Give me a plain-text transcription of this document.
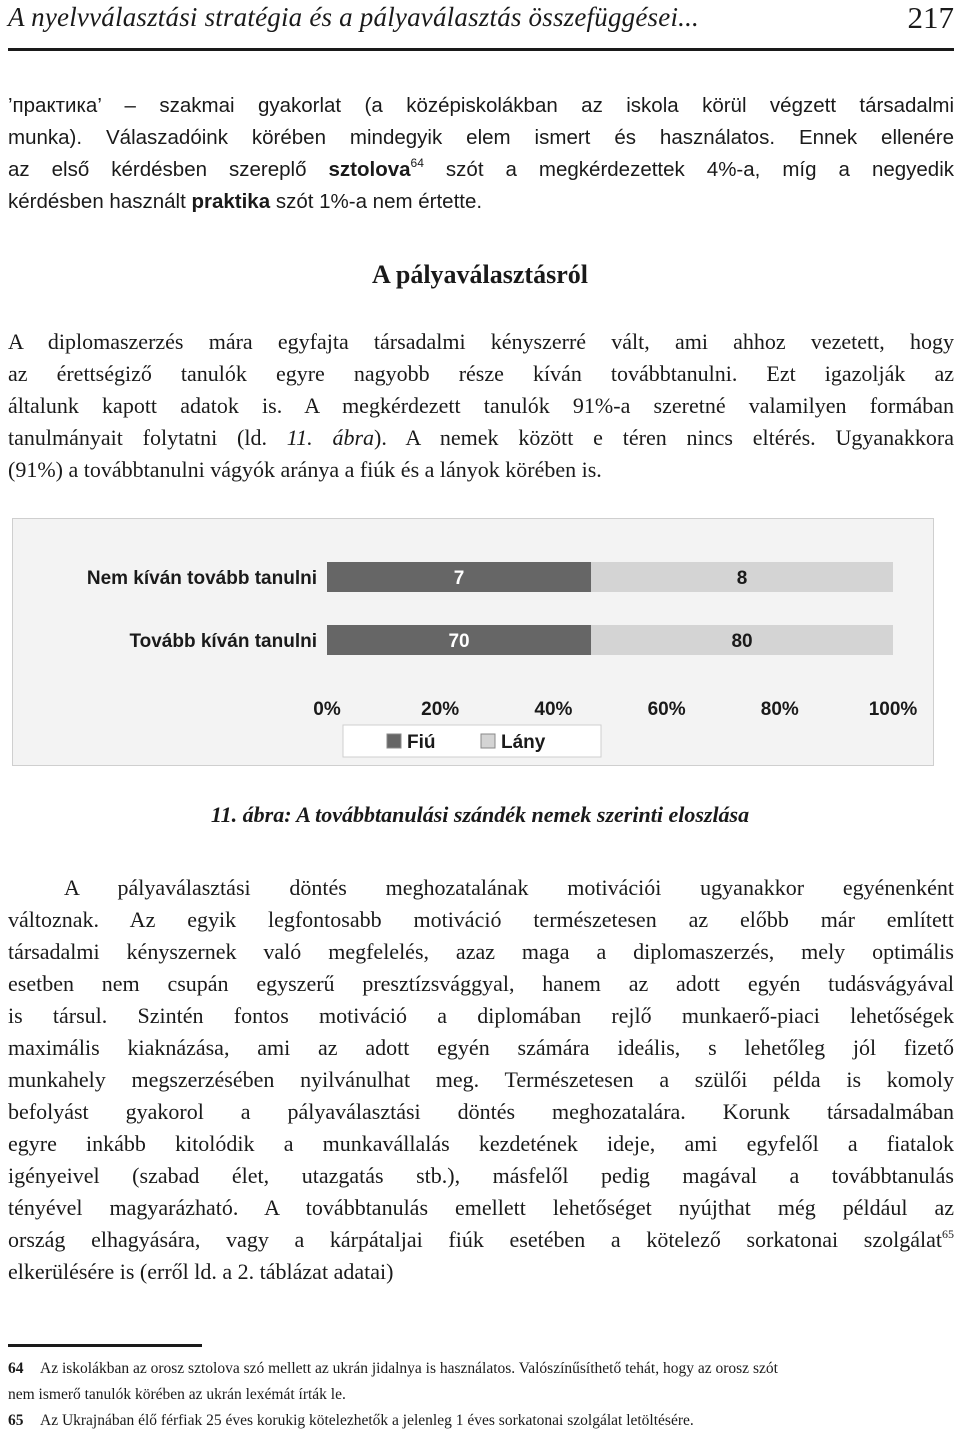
A nyelvválasztási stratégia és a pályaválasztás összefüggései...	217
’практика’ – szakmai gyakorlat (a középiskolákban az iskola körül végzett társadalmi
munka). Válaszadóink körében mindegyik elem ismert és használatos. Ennek ellenére
az első kérdésben szereplő sztolova$^{64}$ szót a megkérdezettek 4%-a, míg a negyedik
kérdésben használt praktika szót 1%-a nem értette.
A pályaválasztásról
A diplomaszerzés mára egyfajta társadalmi kényszerré vált, ami ahhoz vezetett, hogy
az érettségiző tanulók egyre nagyobb része kíván továbbtanulni. Ezt igazolják az
általunk kapott adatok is. A megkérdezett tanulók 91%-a szeretné valamilyen formában
tanulmányait folytatni (ld. 11. ábra). A nemek között e téren nincs eltérés. Ugyanakkora
(91%) a továbbtanulni vágyók aránya a fiúk és a lányok körében is.
Nem kíván tovább tanulni	7	8
Tovább kíván tanulni	70	80
0%	20%	40%	60%	80%	100%
Fiú	Lány
11. ábra: A továbbtanulási szándék nemek szerinti eloszlása
A pályaválasztási döntés meghozatalának motivációi ugyanakkor egyénenként
változnak. Az egyik legfontosabb motiváció természetesen az előbb már említett
társadalmi kényszernek való megfelelés, azaz maga a diplomaszerzés, mely optimális
esetben nem csupán egyszerű presztízsvággyal, hanem az adott egyén tudásvágyával
is társul. Szintén fontos motiváció a diplomában rejlő munkaerő-piaci lehetőségek
maximális kiaknázása, ami az adott egyén számára ideális, s lehetőleg jól fizető
munkahely megszerzésében nyilvánulhat meg. Természetesen a szülői példa is komoly
befolyást gyakorol a pályaválasztási döntés meghozatalára. Korunk társadalmában
egyre inkább kitolódik a munkavállalás kezdetének ideje, ami egyfelől a fiatalok
igényeivel (szabad élet, utazgatás stb.), másfelől pedig magával a továbbtanulás
tényével magyarázható. A továbbtanulás emellett lehetőséget nyújthat még például az
ország elhagyására, vagy a kárpátaljai fiúk esetében a kötelező sorkatonai szolgálat$^{65}$
elkerülésére is (erről ld. a 2. táblázat adatai)
64 Az iskolákban az orosz sztolova szó mellett az ukrán jidalnya is használatos. Valószínűsíthető tehát, hogy az orosz szót
nem ismerő tanulók körében az ukrán lexémát írták le.
65 Az Ukrajnában élő férfiak 25 éves korukig kötelezhetők a jelenleg 1 éves sorkatonai szolgálat letöltésére.
